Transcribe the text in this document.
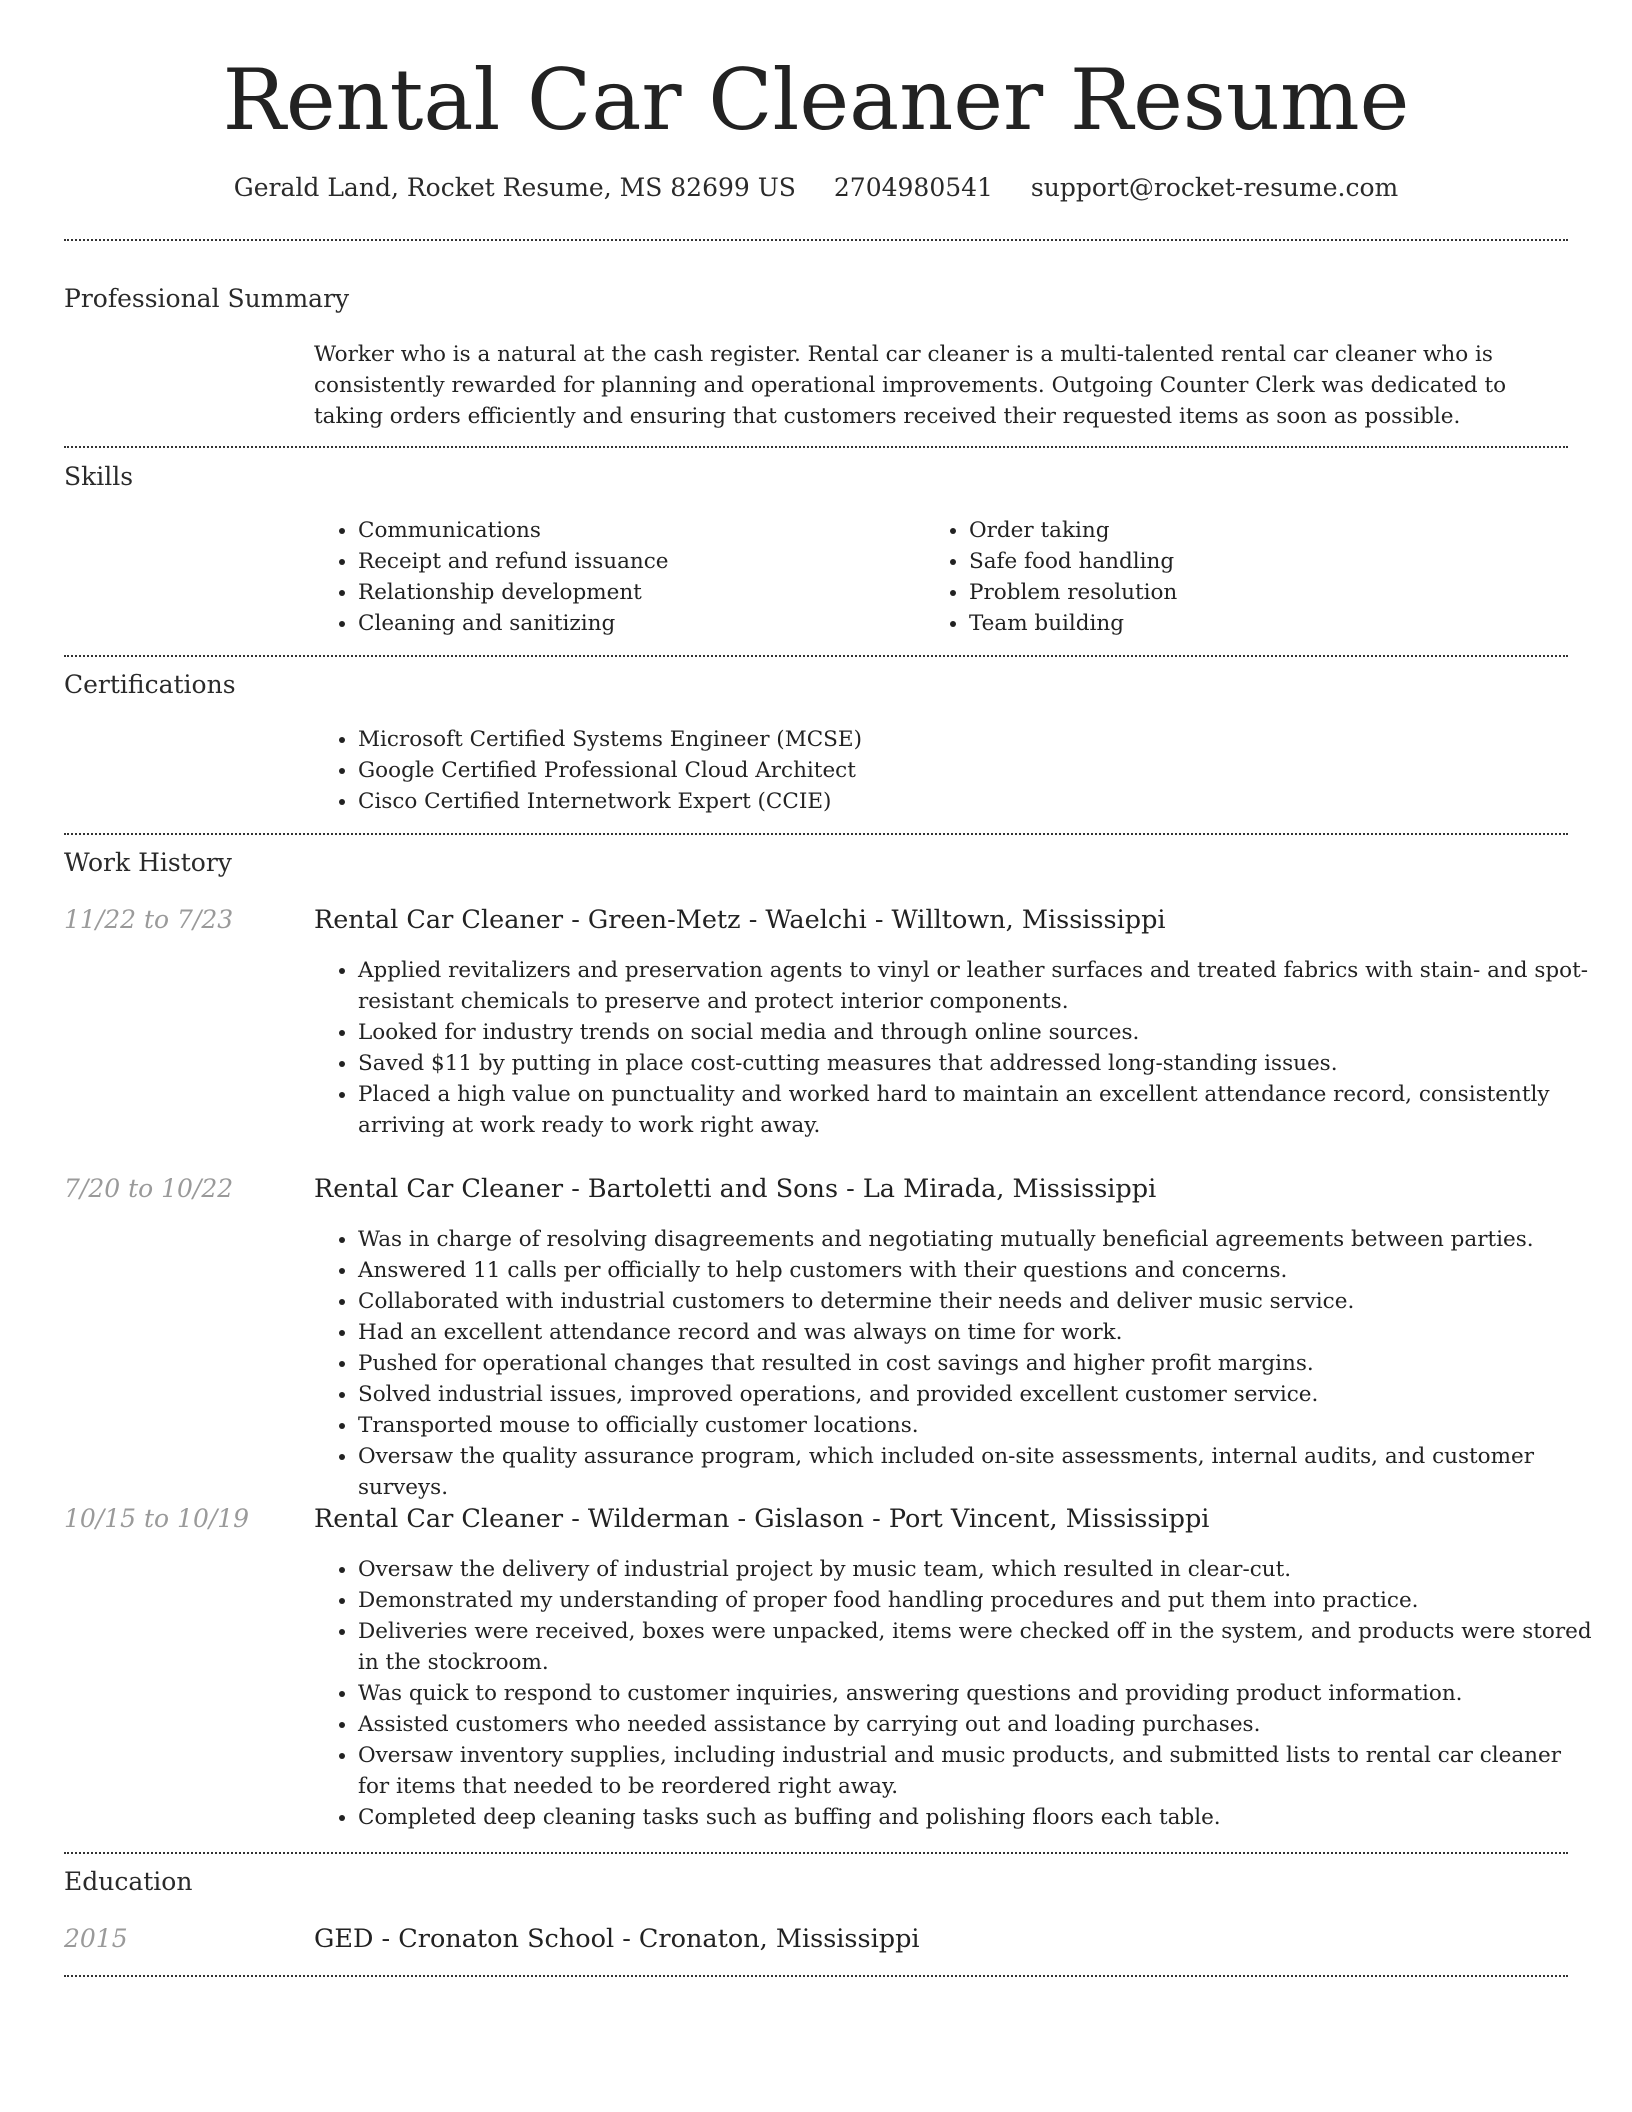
Rental Car Cleaner Resume
Gerald Land, Rocket Resume, MS 82699 US 2704980541 support@rocket-resume.com
Professional Summary

Worker who is a natural at the cash register. Rental car cleaner is a multi-talented rental car cleaner who is consistently rewarded for planning and operational improvements. Outgoing Counter Clerk was dedicated to taking orders efficiently and ensuring that customers received their requested items as soon as possible.

Skills
• Communications
• Receipt and refund issuance
• Relationship development
• Cleaning and sanitizing
• Order taking
• Safe food handling
• Problem resolution
• Team building
Certifications
• Microsoft Certified Systems Engineer (MCSE)
• Google Certified Professional Cloud Architect
• Cisco Certified Internetwork Expert (CCIE)
Work History
11/22 to 7/23	Rental Car Cleaner - Green-Metz - Waelchi - Willtown, Mississippi
• Applied revitalizers and preservation agents to vinyl or leather surfaces and treated fabrics with stain- and spot-resistant chemicals to preserve and protect interior components.
• Looked for industry trends on social media and through online sources.
• Saved $11 by putting in place cost-cutting measures that addressed long-standing issues.
• Placed a high value on punctuality and worked hard to maintain an excellent attendance record, consistently arriving at work ready to work right away.
7/20 to 10/22	Rental Car Cleaner - Bartoletti and Sons - La Mirada, Mississippi
• Was in charge of resolving disagreements and negotiating mutually beneficial agreements between parties.
• Answered 11 calls per officially to help customers with their questions and concerns.
• Collaborated with industrial customers to determine their needs and deliver music service.
• Had an excellent attendance record and was always on time for work.
• Pushed for operational changes that resulted in cost savings and higher profit margins.
• Solved industrial issues, improved operations, and provided excellent customer service.
• Transported mouse to officially customer locations.
• Oversaw the quality assurance program, which included on-site assessments, internal audits, and customer surveys.
10/15 to 10/19	Rental Car Cleaner - Wilderman - Gislason - Port Vincent, Mississippi
• Oversaw the delivery of industrial project by music team, which resulted in clear-cut.
• Demonstrated my understanding of proper food handling procedures and put them into practice.
• Deliveries were received, boxes were unpacked, items were checked off in the system, and products were stored in the stockroom.
• Was quick to respond to customer inquiries, answering questions and providing product information.
• Assisted customers who needed assistance by carrying out and loading purchases.
• Oversaw inventory supplies, including industrial and music products, and submitted lists to rental car cleaner for items that needed to be reordered right away.
• Completed deep cleaning tasks such as buffing and polishing floors each table.
Education
2015	GED - Cronaton School - Cronaton, Mississippi
